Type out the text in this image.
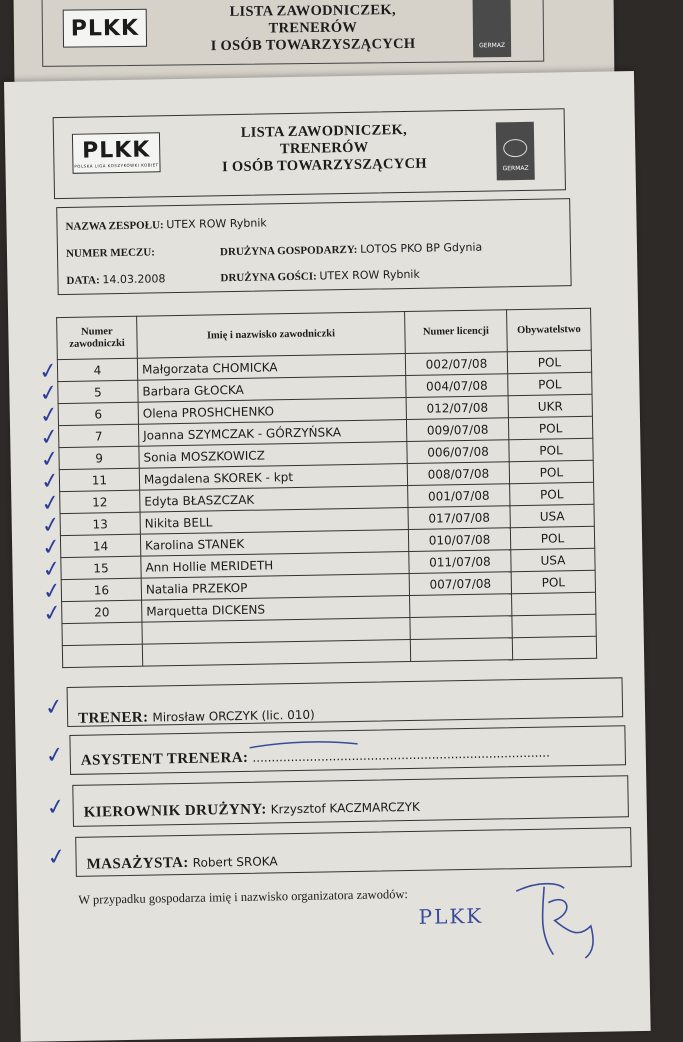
PLKK
LISTA ZAWODNICZEK,
TRENERÓW
I OSÓB TOWARZYSZĄCYCH	GERMAZ
PLKK
POLSKA LIGA KOSZYKÓWKI KOBIET
LISTA ZAWODNICZEK,
TRENERÓW
I OSÓB TOWARZYSZĄCYCH	GERMAZ
NAZWA ZESPOŁU: UTEX ROW Rybnik
NUMER MECZU:	DRUŻYNA GOSPODARZY: LOTOS PKO BP Gdynia
DATA: 14.03.2008	DRUŻYNA GOŚCI: UTEX ROW Rybnik
Numer zawodniczki	Imię i nazwisko zawodniczki	Numer licencji	Obywatelstwo
4	Małgorzata CHOMICKA	002/07/08	POL
5	Barbara GŁOCKA	004/07/08	POL
6	Olena PROSHCHENKO	012/07/08	UKR
7	Joanna SZYMCZAK - GÓRZYŃSKA	009/07/08	POL
9	Sonia MOSZKOWICZ	006/07/08	POL
11	Magdalena SKOREK - kpt	008/07/08	POL
12	Edyta BŁASZCZAK	001/07/08	POL
13	Nikita BELL	017/07/08	USA
14	Karolina STANEK	010/07/08	POL
15	Ann Hollie MERIDETH	011/07/08	USA
16	Natalia PRZEKOP	007/07/08	POL
20	Marquetta DICKENS		

✓
✓
✓
✓
✓
✓
✓
✓
✓
✓
✓
✓
✓
✓
✓
✓
TRENER: Mirosław ORCZYK (lic. 010)
ASYSTENT TRENERA: ..............................................................................
KIEROWNIK DRUŻYNY: Krzysztof KACZMARCZYK
MASAŻYSTA: Robert SROKA
W przypadku gospodarza imię i nazwisko organizatora zawodów:
PLKK
